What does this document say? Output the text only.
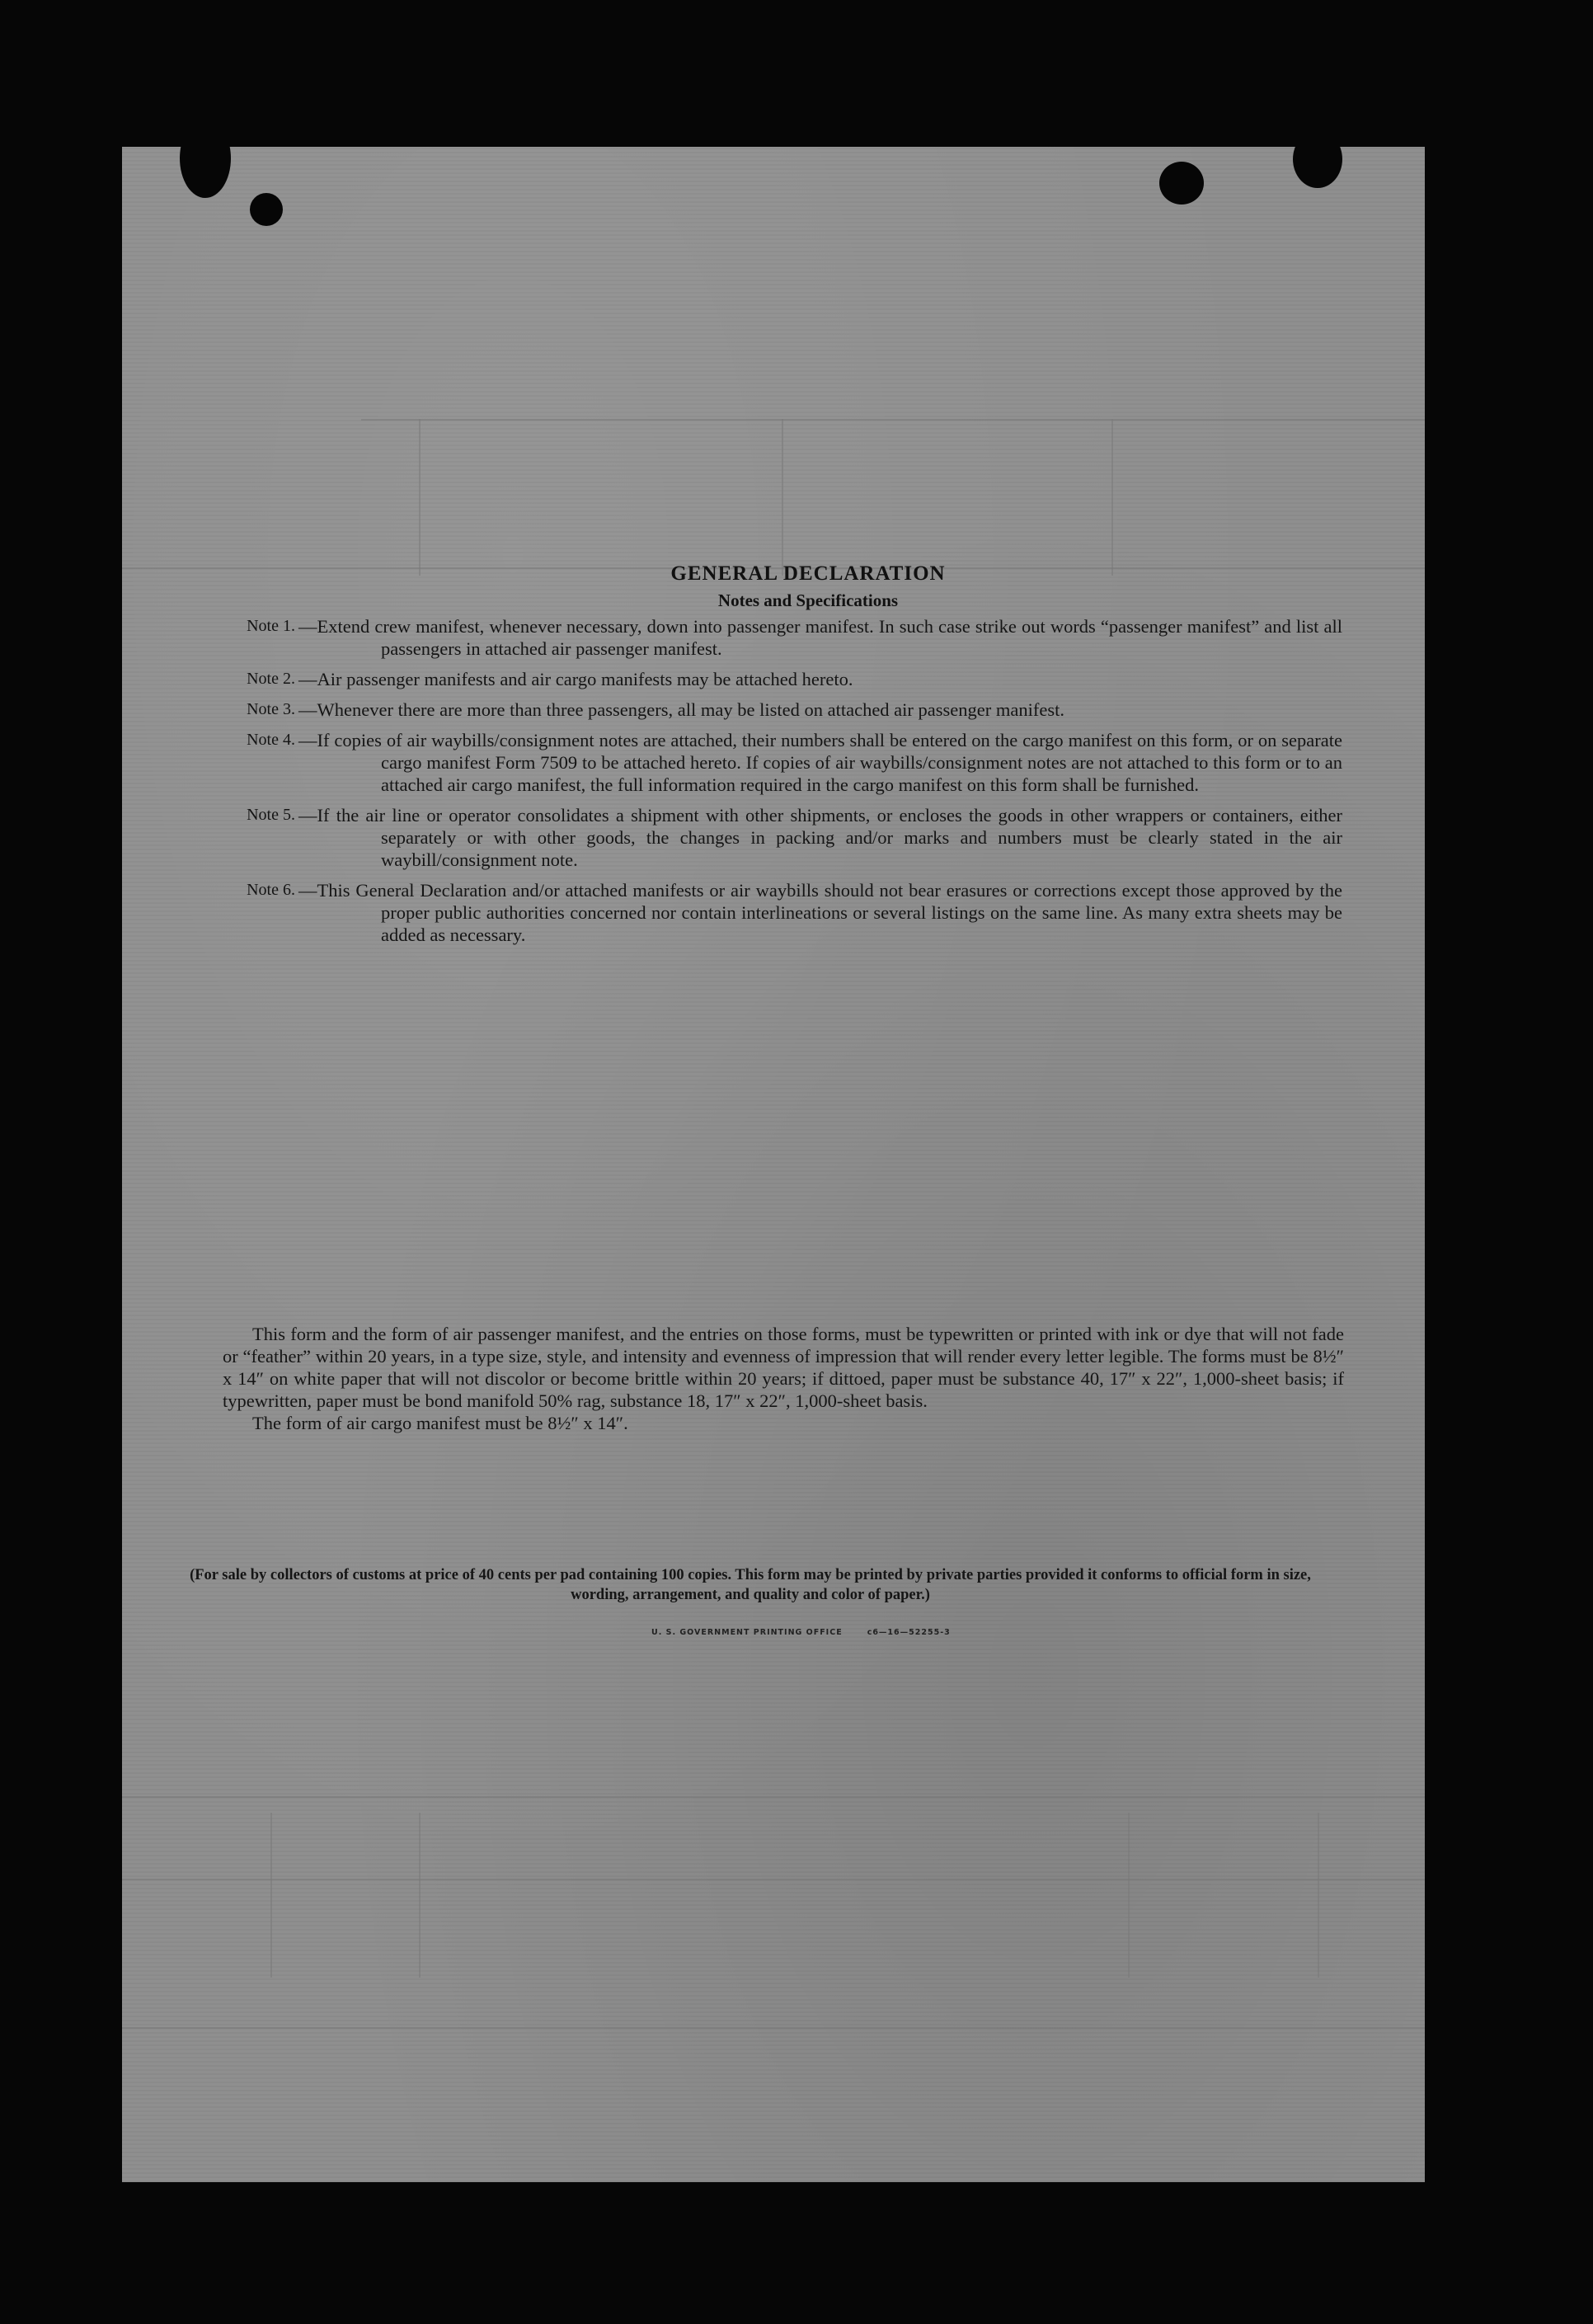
GENERAL DECLARATION
Notes and Specifications
Note 1. —Extend crew manifest, whenever necessary, down into passenger manifest. In such case strike out words “passenger manifest” and list all passengers in attached air passenger manifest.
Note 2. —Air passenger manifests and air cargo manifests may be attached hereto.
Note 3. —Whenever there are more than three passengers, all may be listed on attached air passenger manifest.
Note 4. —If copies of air waybills/consignment notes are attached, their numbers shall be entered on the cargo manifest on this form, or on separate cargo manifest Form 7509 to be attached hereto. If copies of air waybills/consignment notes are not attached to this form or to an attached air cargo manifest, the full information required in the cargo manifest on this form shall be furnished.
Note 5. —If the air line or operator consolidates a shipment with other shipments, or encloses the goods in other wrappers or containers, either separately or with other goods, the changes in packing and/or marks and numbers must be clearly stated in the air waybill/consignment note.
Note 6. —This General Declaration and/or attached manifests or air waybills should not bear erasures or corrections except those approved by the proper public authorities concerned nor contain interlineations or several listings on the same line. As many extra sheets may be added as necessary.
This form and the form of air passenger manifest, and the entries on those forms, must be typewritten or printed with ink or dye that will not fade or “feather” within 20 years, in a type size, style, and intensity and evenness of impression that will render every letter legible. The forms must be 8½″ x 14″ on white paper that will not discolor or become brittle within 20 years; if dittoed, paper must be substance 40, 17″ x 22″, 1,000-sheet basis; if typewritten, paper must be bond manifold 50% rag, substance 18, 17″ x 22″, 1,000-sheet basis.
The form of air cargo manifest must be 8½″ x 14″.
(For sale by collectors of customs at price of 40 cents per pad containing 100 copies. This form may be printed by private parties provided it conforms to official form in size, wording, arrangement, and quality and color of paper.)
U. S. GOVERNMENT PRINTING OFFICE	c6—16—52255-3
